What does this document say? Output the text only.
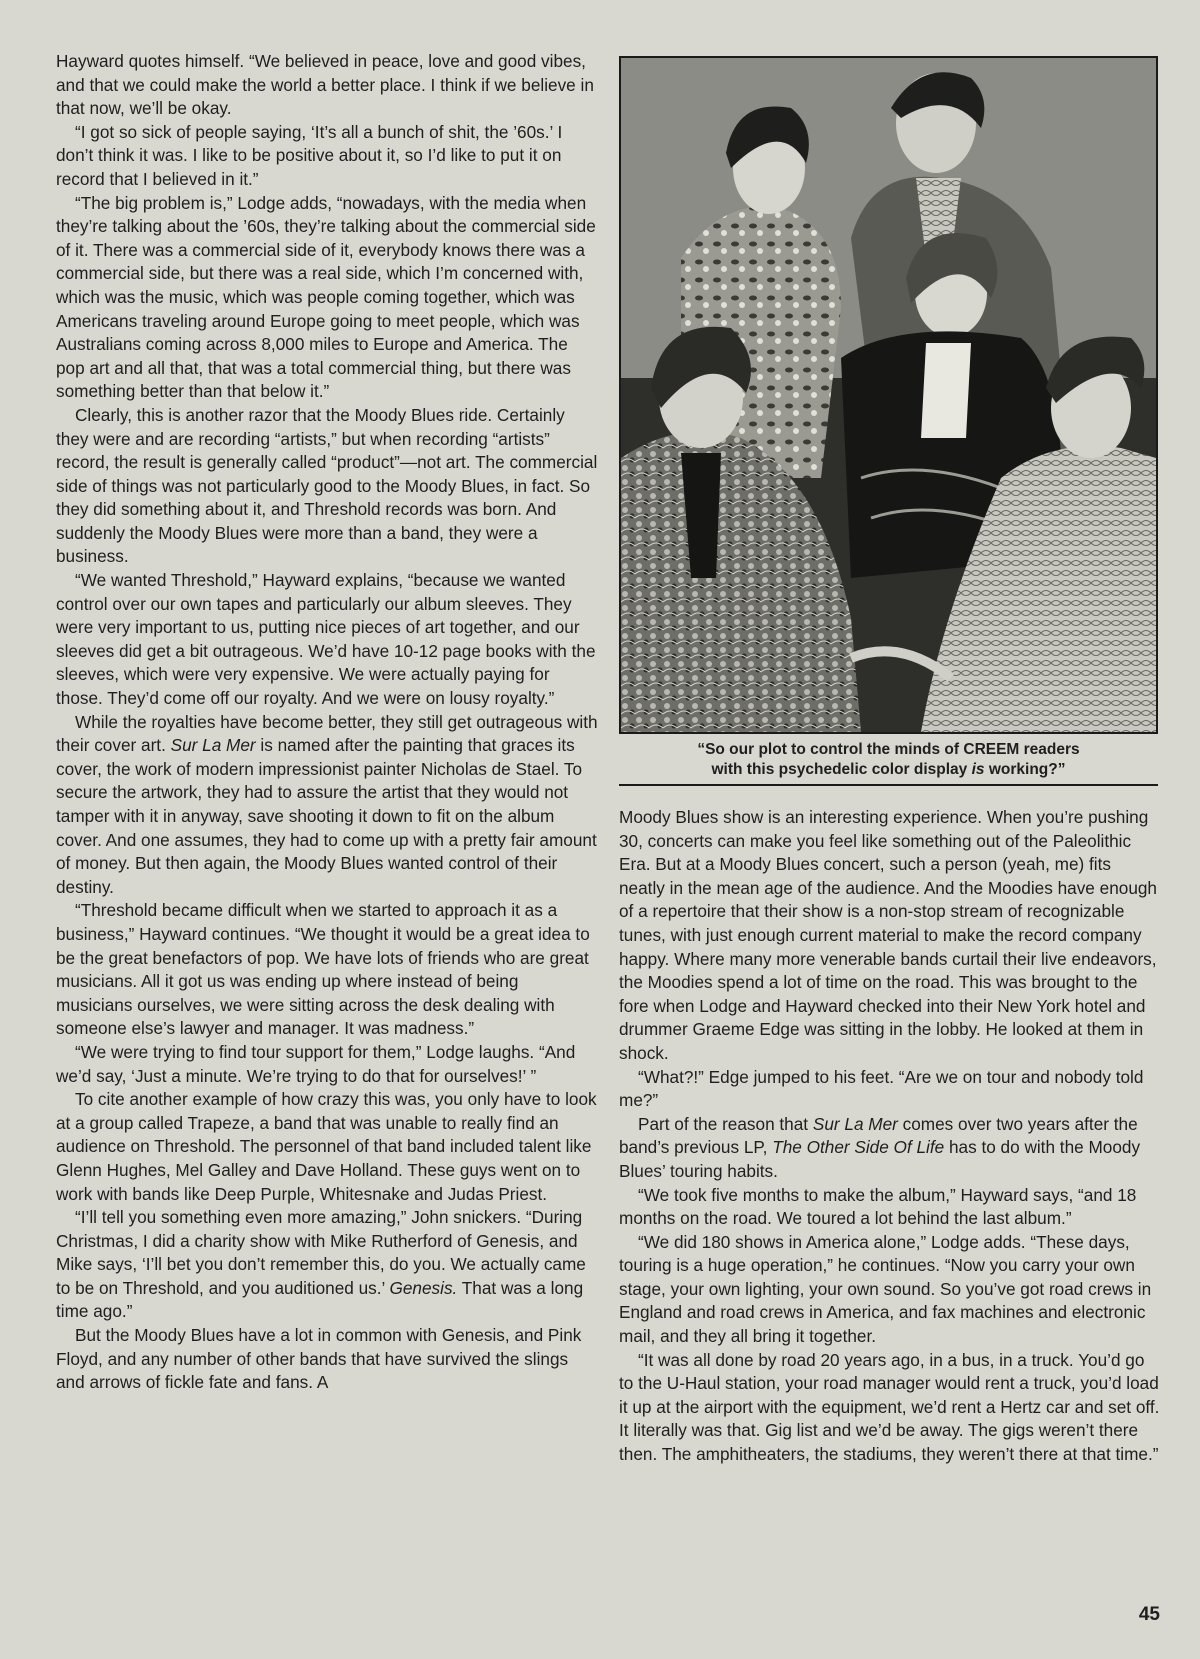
Hayward quotes himself. “We believed in peace, love and good vibes, and that we could make the world a better place. I think if we believe in that now, we’ll be okay.

“I got so sick of people saying, ‘It’s all a bunch of shit, the ’60s.’ I don’t think it was. I like to be positive about it, so I’d like to put it on record that I believed in it.”

“The big problem is,” Lodge adds, “nowadays, with the media when they’re talking about the ’60s, they’re talking about the commercial side of it. There was a commercial side of it, everybody knows there was a commercial side, but there was a real side, which I’m concerned with, which was the music, which was people coming together, which was Americans traveling around Europe going to meet people, which was Australians coming across 8,000 miles to Europe and America. The pop art and all that, that was a total commercial thing, but there was something better than that below it.”

Clearly, this is another razor that the Moody Blues ride. Certainly they were and are recording “artists,” but when recording “artists” record, the result is generally called “product”—not art. The commercial side of things was not particularly good to the Moody Blues, in fact. So they did something about it, and Threshold records was born. And suddenly the Moody Blues were more than a band, they were a business.

“We wanted Threshold,” Hayward explains, “because we wanted control over our own tapes and particularly our album sleeves. They were very important to us, putting nice pieces of art together, and our sleeves did get a bit outrageous. We’d have 10-12 page books with the sleeves, which were very expensive. We were actually paying for those. They’d come off our royalty. And we were on lousy royalty.”

While the royalties have become better, they still get outrageous with their cover art. Sur La Mer is named after the painting that graces its cover, the work of modern impressionist painter Nicholas de Stael. To secure the artwork, they had to assure the artist that they would not tamper with it in anyway, save shooting it down to fit on the album cover. And one assumes, they had to come up with a pretty fair amount of money. But then again, the Moody Blues wanted control of their destiny.

“Threshold became difficult when we started to approach it as a business,” Hayward continues. “We thought it would be a great idea to be the great benefactors of pop. We have lots of friends who are great musicians. All it got us was ending up where instead of being musicians ourselves, we were sitting across the desk dealing with someone else’s lawyer and manager. It was madness.”

“We were trying to find tour support for them,” Lodge laughs. “And we’d say, ‘Just a minute. We’re trying to do that for ourselves!’ ”

To cite another example of how crazy this was, you only have to look at a group called Trapeze, a band that was unable to really find an audience on Threshold. The personnel of that band included talent like Glenn Hughes, Mel Galley and Dave Holland. These guys went on to work with bands like Deep Purple, Whitesnake and Judas Priest.

“I’ll tell you something even more amazing,” John snickers. “During Christmas, I did a charity show with Mike Rutherford of Genesis, and Mike says, ‘I’ll bet you don’t remember this, do you. We actually came to be on Threshold, and you auditioned us.’ Genesis. That was a long time ago.”

But the Moody Blues have a lot in common with Genesis, and Pink Floyd, and any number of other bands that have survived the slings and arrows of fickle fate and fans. A

“So our plot to control the minds of CREEM readers
with this psychedelic color display is working?”

Moody Blues show is an interesting experience. When you’re pushing 30, concerts can make you feel like something out of the Paleolithic Era. But at a Moody Blues concert, such a person (yeah, me) fits neatly in the mean age of the audience. And the Moodies have enough of a repertoire that their show is a non-stop stream of recognizable tunes, with just enough current material to make the record company happy. Where many more venerable bands curtail their live endeavors, the Moodies spend a lot of time on the road. This was brought to the fore when Lodge and Hayward checked into their New York hotel and drummer Graeme Edge was sitting in the lobby. He looked at them in shock.

“What?!” Edge jumped to his feet. “Are we on tour and nobody told me?”

Part of the reason that Sur La Mer comes over two years after the band’s previous LP, The Other Side Of Life has to do with the Moody Blues’ touring habits.

“We took five months to make the album,” Hayward says, “and 18 months on the road. We toured a lot behind the last album.”

“We did 180 shows in America alone,” Lodge adds. “These days, touring is a huge operation,” he continues. “Now you carry your own stage, your own lighting, your own sound. So you’ve got road crews in England and road crews in America, and fax machines and electronic mail, and they all bring it together.

“It was all done by road 20 years ago, in a bus, in a truck. You’d go to the U-Haul station, your road manager would rent a truck, you’d load it up at the airport with the equipment, we’d rent a Hertz car and set off. It literally was that. Gig list and we’d be away. The gigs weren’t there then. The amphitheaters, the stadiums, they weren’t there at that time.”

45
